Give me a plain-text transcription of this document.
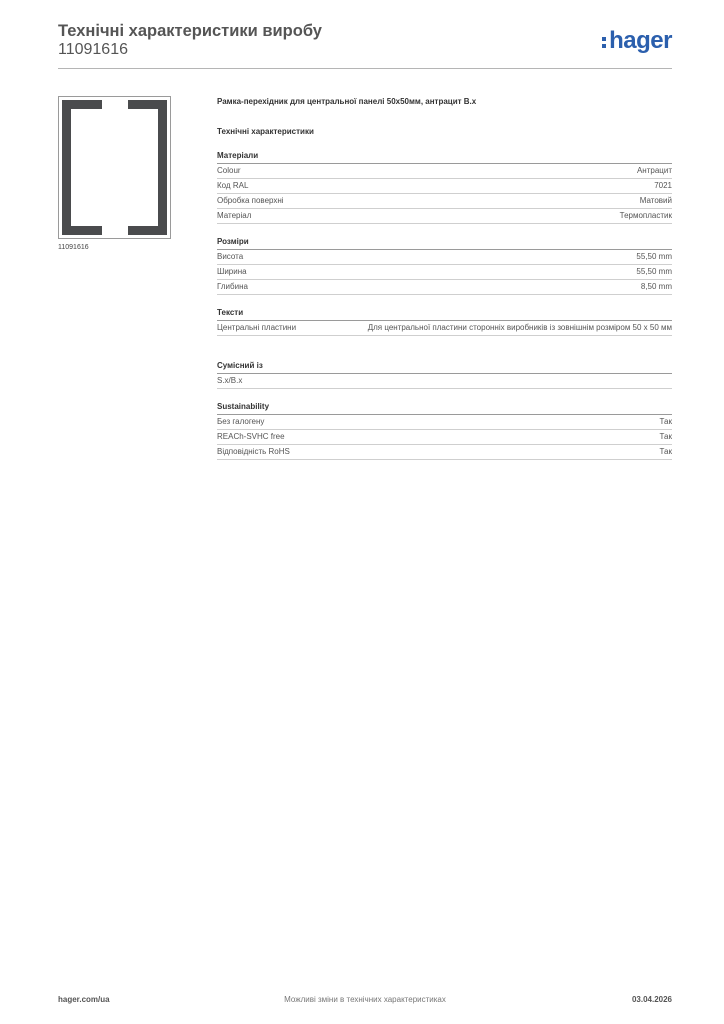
Технічні характеристики виробу
11091616	hager
11091616
Рамка-перехідник для центральної панелі 50x50мм, антрацит B.x
Технічні характеристики
Матеріали
Colour	Антрацит
Код RAL	7021
Обробка поверхні	Матовий
Матеріал	Термопластик
Розміри
Висота	55,50 mm
Ширина	55,50 mm
Глибина	8,50 mm
Тексти
Центральні пластини	Для центральної пластини сторонніх виробників із зовнішнім розміром 50 x 50 мм
Сумісний із
S.x/B.x
Sustainability
Без галогену	Так
REACh-SVHC free	Так
Відповідність RoHS	Так
Можливі зміни в технічних характеристиках
hager.com/ua	03.04.2026
